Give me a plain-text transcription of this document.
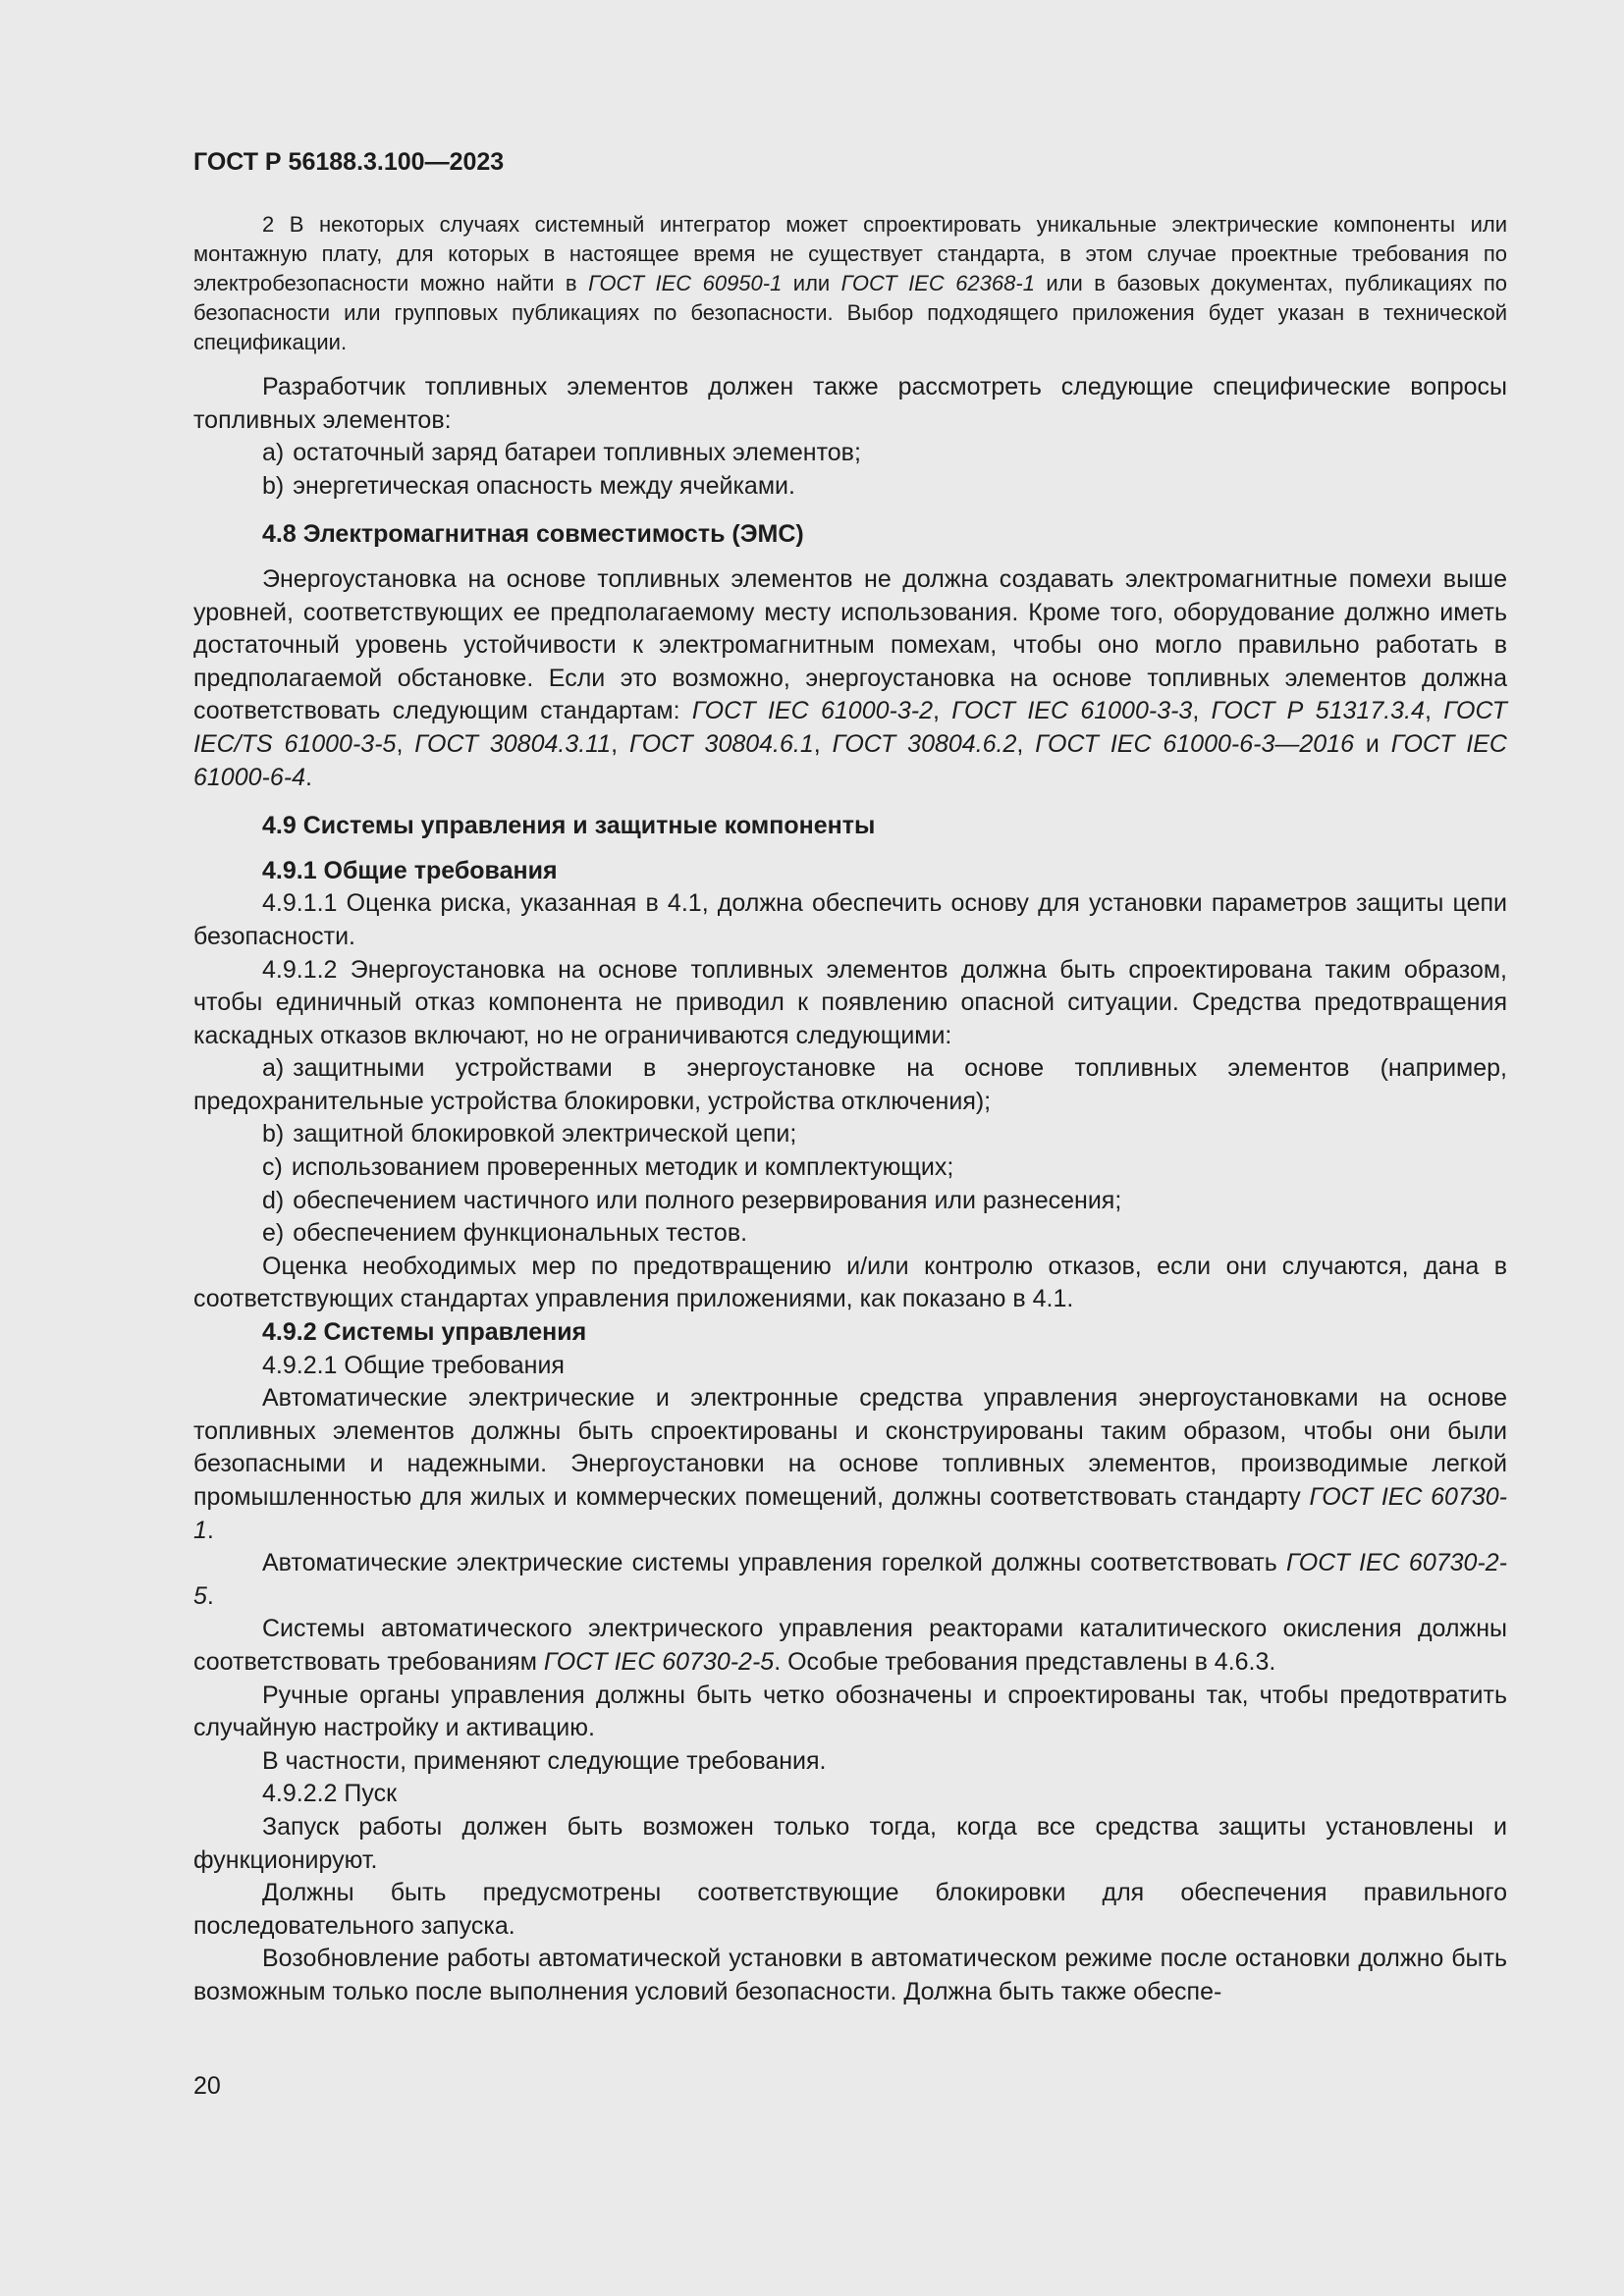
ГОСТ Р 56188.3.100—2023

2 В некоторых случаях системный интегратор может спроектировать уникальные электрические компоненты или монтажную плату, для которых в настоящее время не существует стандарта, в этом случае проектные требования по электробезопасности можно найти в ГОСТ IEC 60950-1 или ГОСТ IEC 62368-1 или в базовых документах, публикациях по безопасности или групповых публикациях по безопасности. Выбор подходящего приложения будет указан в технической спецификации.

Разработчик топливных элементов должен также рассмотреть следующие специфические вопросы топливных элементов:

a) остаточный заряд батареи топливных элементов;

b) энергетическая опасность между ячейками.

4.8 Электромагнитная совместимость (ЭМС)

Энергоустановка на основе топливных элементов не должна создавать электромагнитные помехи выше уровней, соответствующих ее предполагаемому месту использования. Кроме того, оборудование должно иметь достаточный уровень устойчивости к электромагнитным помехам, чтобы оно могло правильно работать в предполагаемой обстановке. Если это возможно, энергоустановка на основе топливных элементов должна соответствовать следующим стандартам: ГОСТ IEC 61000-3-2, ГОСТ IEC 61000-3-3, ГОСТ Р 51317.3.4, ГОСТ IEC/TS 61000-3-5, ГОСТ 30804.3.11, ГОСТ 30804.6.1, ГОСТ 30804.6.2, ГОСТ IEC 61000-6-3—2016 и ГОСТ IEC 61000-6-4.

4.9 Системы управления и защитные компоненты

4.9.1 Общие требования

4.9.1.1 Оценка риска, указанная в 4.1, должна обеспечить основу для установки параметров защиты цепи безопасности.

4.9.1.2 Энергоустановка на основе топливных элементов должна быть спроектирована таким образом, чтобы единичный отказ компонента не приводил к появлению опасной ситуации. Средства предотвращения каскадных отказов включают, но не ограничиваются следующими:

a) защитными устройствами в энергоустановке на основе топливных элементов (например, предохранительные устройства блокировки, устройства отключения);

b) защитной блокировкой электрической цепи;

c) использованием проверенных методик и комплектующих;

d) обеспечением частичного или полного резервирования или разнесения;

e) обеспечением функциональных тестов.

Оценка необходимых мер по предотвращению и/или контролю отказов, если они случаются, дана в соответствующих стандартах управления приложениями, как показано в 4.1.

4.9.2 Системы управления

4.9.2.1 Общие требования

Автоматические электрические и электронные средства управления энергоустановками на основе топливных элементов должны быть спроектированы и сконструированы таким образом, чтобы они были безопасными и надежными. Энергоустановки на основе топливных элементов, производимые легкой промышленностью для жилых и коммерческих помещений, должны соответствовать стандарту ГОСТ IEC 60730-1.

Автоматические электрические системы управления горелкой должны соответствовать ГОСТ IEC 60730-2-5.

Системы автоматического электрического управления реакторами каталитического окисления должны соответствовать требованиям ГОСТ IEC 60730-2-5. Особые требования представлены в 4.6.3.

Ручные органы управления должны быть четко обозначены и спроектированы так, чтобы предотвратить случайную настройку и активацию.

В частности, применяют следующие требования.

4.9.2.2 Пуск

Запуск работы должен быть возможен только тогда, когда все средства защиты установлены и функционируют.

Должны быть предусмотрены соответствующие блокировки для обеспечения правильного последовательного запуска.

Возобновление работы автоматической установки в автоматическом режиме после остановки должно быть возможным только после выполнения условий безопасности. Должна быть также обеспе-

20
